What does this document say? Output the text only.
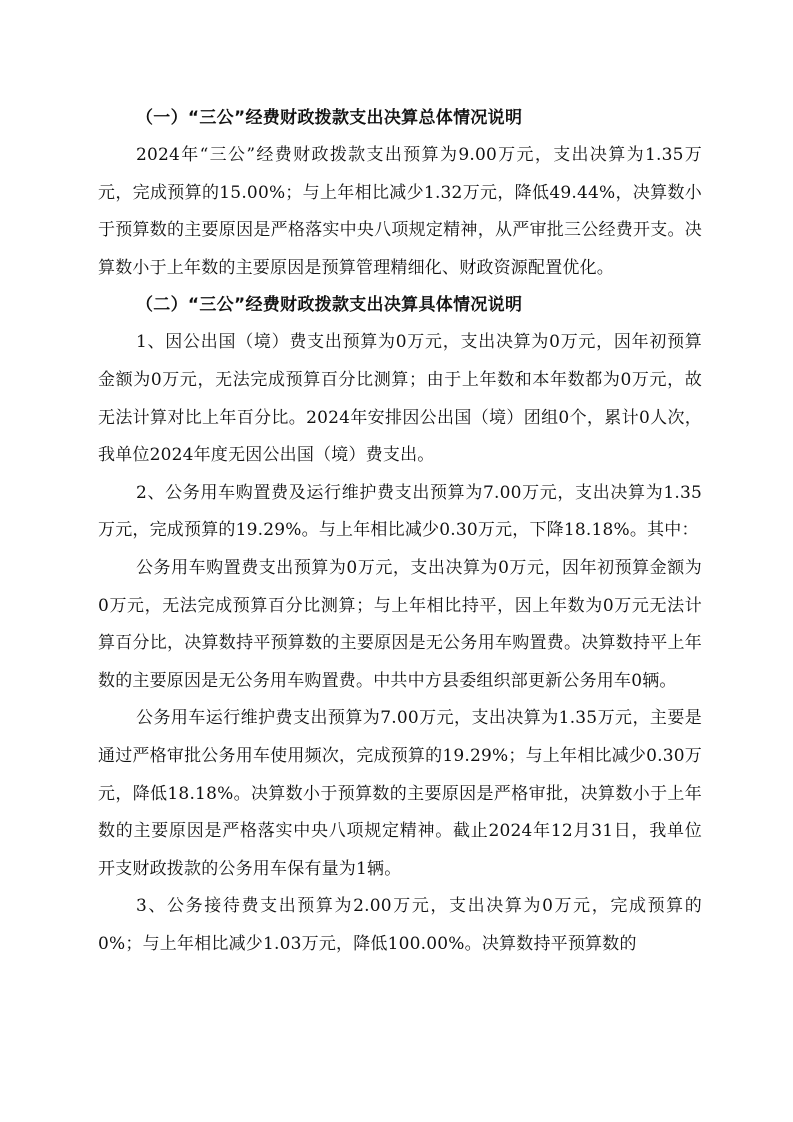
（一）“三公”经费财政拨款支出决算总体情况说明

2024年“三公”经费财政拨款支出预算为9.00万元，支出决算为1.35万元，完成预算的15.00%；与上年相比减少1.32万元，降低49.44%，决算数小于预算数的主要原因是严格落实中央八项规定精神，从严审批三公经费开支。决算数小于上年数的主要原因是预算管理精细化、财政资源配置优化。

（二）“三公”经费财政拨款支出决算具体情况说明

1、因公出国（境）费支出预算为0万元，支出决算为0万元，因年初预算金额为0万元，无法完成预算百分比测算；由于上年数和本年数都为0万元，故无法计算对比上年百分比。2024年安排因公出国（境）团组0个，累计0人次，我单位2024年度无因公出国（境）费支出。

2、公务用车购置费及运行维护费支出预算为7.00万元，支出决算为1.35万元，完成预算的19.29%。与上年相比减少0.30万元，下降18.18%。其中：

公务用车购置费支出预算为0万元，支出决算为0万元，因年初预算金额为0万元，无法完成预算百分比测算；与上年相比持平，因上年数为0万元无法计算百分比，决算数持平预算数的主要原因是无公务用车购置费。决算数持平上年数的主要原因是无公务用车购置费。中共中方县委组织部更新公务用车0辆。

公务用车运行维护费支出预算为7.00万元，支出决算为1.35万元，主要是通过严格审批公务用车使用频次，完成预算的19.29%；与上年相比减少0.30万元，降低18.18%。决算数小于预算数的主要原因是严格审批，决算数小于上年数的主要原因是严格落实中央八项规定精神。截止2024年12月31日，我单位开支财政拨款的公务用车保有量为1辆。

3、公务接待费支出预算为2.00万元，支出决算为0万元，完成预算的0%；与上年相比减少1.03万元，降低100.00%。决算数持平预算数的
